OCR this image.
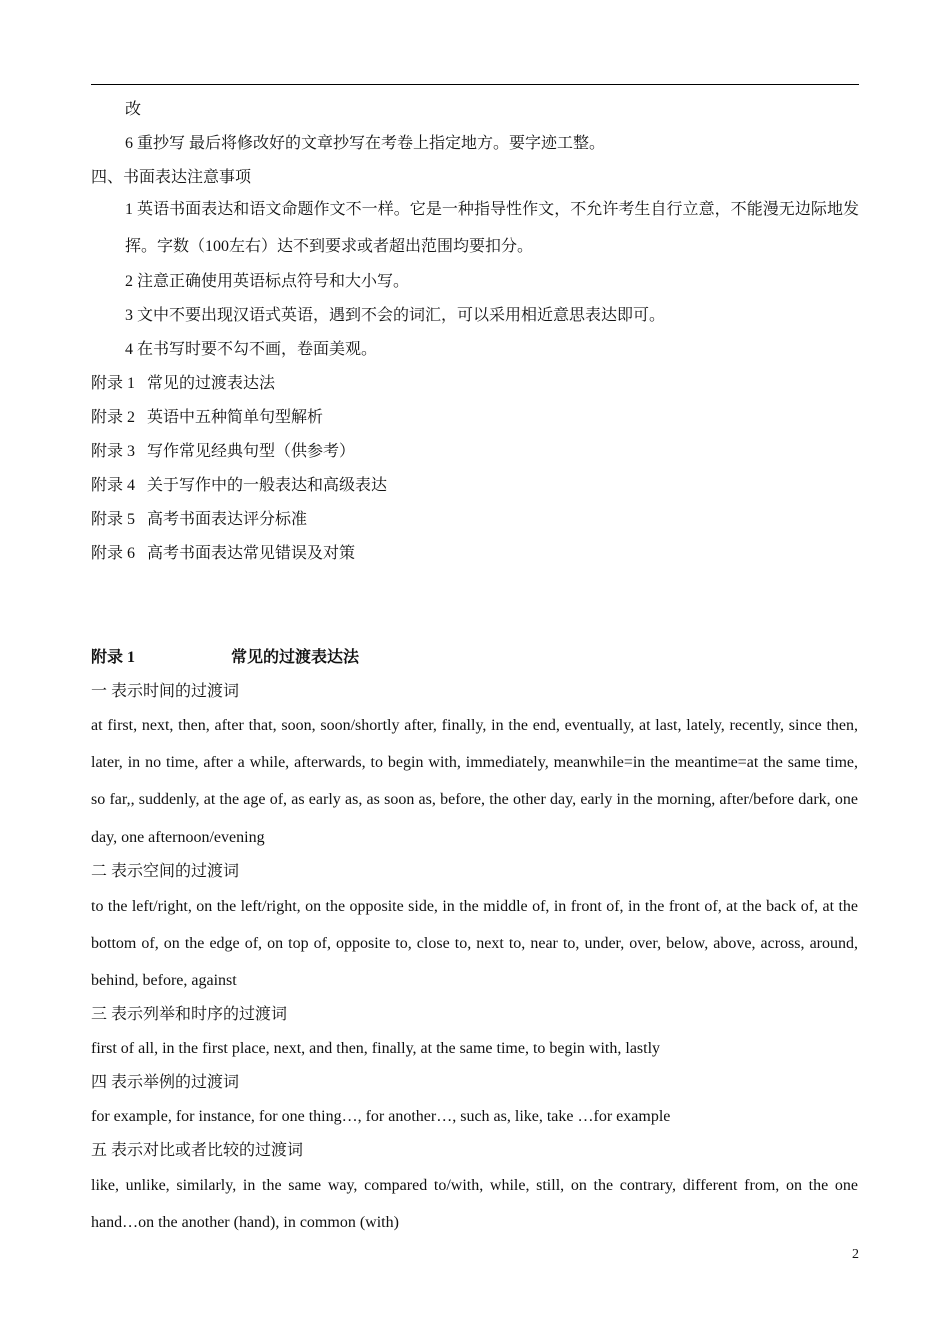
改
6 重抄写 最后将修改好的文章抄写在考卷上指定地方。要字迹工整。
四、书面表达注意事项
1 英语书面表达和语文命题作文不一样。它是一种指导性作文，不允许考生自行立意，不能漫无边际地发挥。字数（100左右）达不到要求或者超出范围均要扣分。
2 注意正确使用英语标点符号和大小写。
3 文中不要出现汉语式英语，遇到不会的词汇，可以采用相近意思表达即可。
4 在书写时要不勾不画，卷面美观。
附录 1   常见的过渡表达法
附录 2   英语中五种简单句型解析
附录 3   写作常见经典句型（供参考）
附录 4   关于写作中的一般表达和高级表达
附录 5   高考书面表达评分标准
附录 6   高考书面表达常见错误及对策
附录 1	常见的过渡表达法
一 表示时间的过渡词
at first, next, then, after that, soon, soon/shortly after, finally, in the end, eventually, at last, lately, recently, since then, later, in no time, after a while, afterwards, to begin with, immediately, meanwhile=in the meantime=at the same time, so far,, suddenly, at the age of, as early as, as soon as, before, the other day, early in the morning, after/before dark, one day, one afternoon/evening
二 表示空间的过渡词
to the left/right, on the left/right, on the opposite side, in the middle of, in front of, in the front of, at the back of, at the bottom of, on the edge of, on top of, opposite to, close to, next to, near to, under, over, below, above, across, around, behind, before, against
三 表示列举和时序的过渡词
first of all, in the first place, next, and then, finally, at the same time, to begin with, lastly
四 表示举例的过渡词
for example, for instance, for one thing…, for another…, such as, like, take …for example
五 表示对比或者比较的过渡词
like, unlike, similarly, in the same way, compared to/with, while, still, on the contrary, different from, on the one hand…on the another (hand), in common (with)
2
